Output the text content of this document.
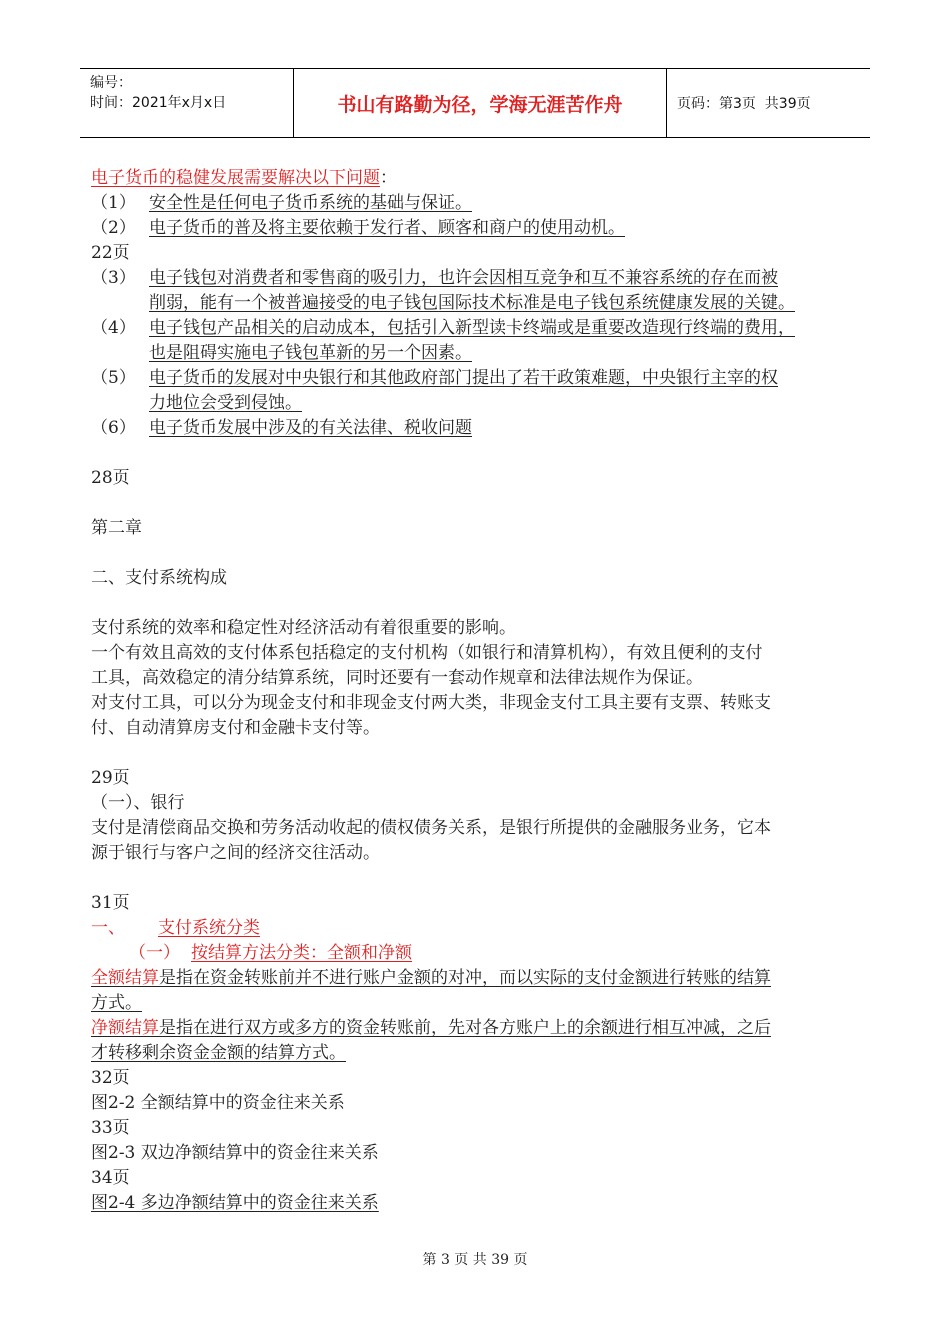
编号：
时间：2021年x月x日	书山有路勤为径，学海无涯苦作舟	页码：第3页  共39页
电子货币的稳健发展需要解决以下问题：
（1） 安全性是任何电子货币系统的基础与保证。
（2） 电子货币的普及将主要依赖于发行者、顾客和商户的使用动机。
22页
（3） 电子钱包对消费者和零售商的吸引力，也许会因相互竞争和互不兼容系统的存在而被
削弱，能有一个被普遍接受的电子钱包国际技术标准是电子钱包系统健康发展的关键。
（4） 电子钱包产品相关的启动成本，包括引入新型读卡终端或是重要改造现行终端的费用，
也是阻碍实施电子钱包革新的另一个因素。
（5） 电子货币的发展对中央银行和其他政府部门提出了若干政策难题，中央银行主宰的权
力地位会受到侵蚀。
（6） 电子货币发展中涉及的有关法律、税收问题
28页
第二章
二、支付系统构成
支付系统的效率和稳定性对经济活动有着很重要的影响。
一个有效且高效的支付体系包括稳定的支付机构（如银行和清算机构），有效且便利的支付
工具，高效稳定的清分结算系统，同时还要有一套动作规章和法律法规作为保证。
对支付工具，可以分为现金支付和非现金支付两大类，非现金支付工具主要有支票、转账支
付、自动清算房支付和金融卡支付等。
29页
（一）、银行
支付是清偿商品交换和劳务活动收起的债权债务关系，是银行所提供的金融服务业务，它本
源于银行与客户之间的经济交往活动。
31页
一、 支付系统分类
（一） 按结算方法分类：全额和净额
全额结算是指在资金转账前并不进行账户金额的对冲，而以实际的支付金额进行转账的结算
方式。
净额结算是指在进行双方或多方的资金转账前，先对各方账户上的余额进行相互冲减，之后
才转移剩余资金金额的结算方式。
32页
图2-2 全额结算中的资金往来关系
33页
图2-3 双边净额结算中的资金往来关系
34页
图2-4 多边净额结算中的资金往来关系
第 3 页 共 39 页
